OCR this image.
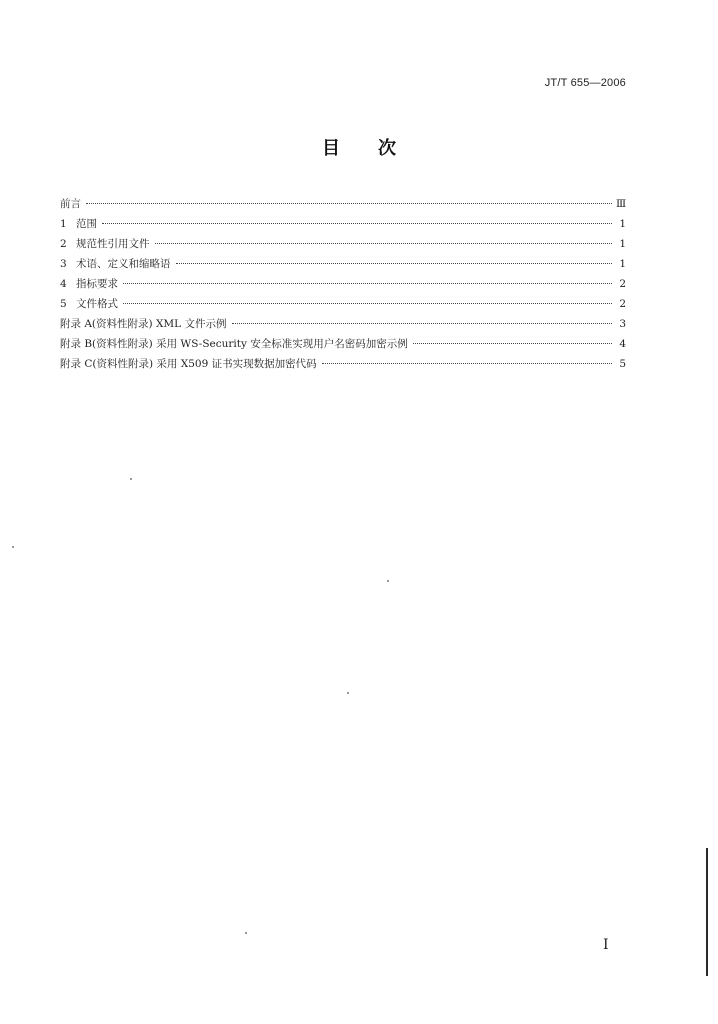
JT/T 655—2006
目次
前言	Ⅲ
1 范围	1
2 规范性引用文件	1
3 术语、定义和缩略语	1
4 指标要求	2
5 文件格式	2
附录 A(资料性附录) XML 文件示例	3
附录 B(资料性附录) 采用 WS-Security 安全标准实现用户名密码加密示例	4
附录 C(资料性附录) 采用 X509 证书实现数据加密代码	5
Ⅰ
